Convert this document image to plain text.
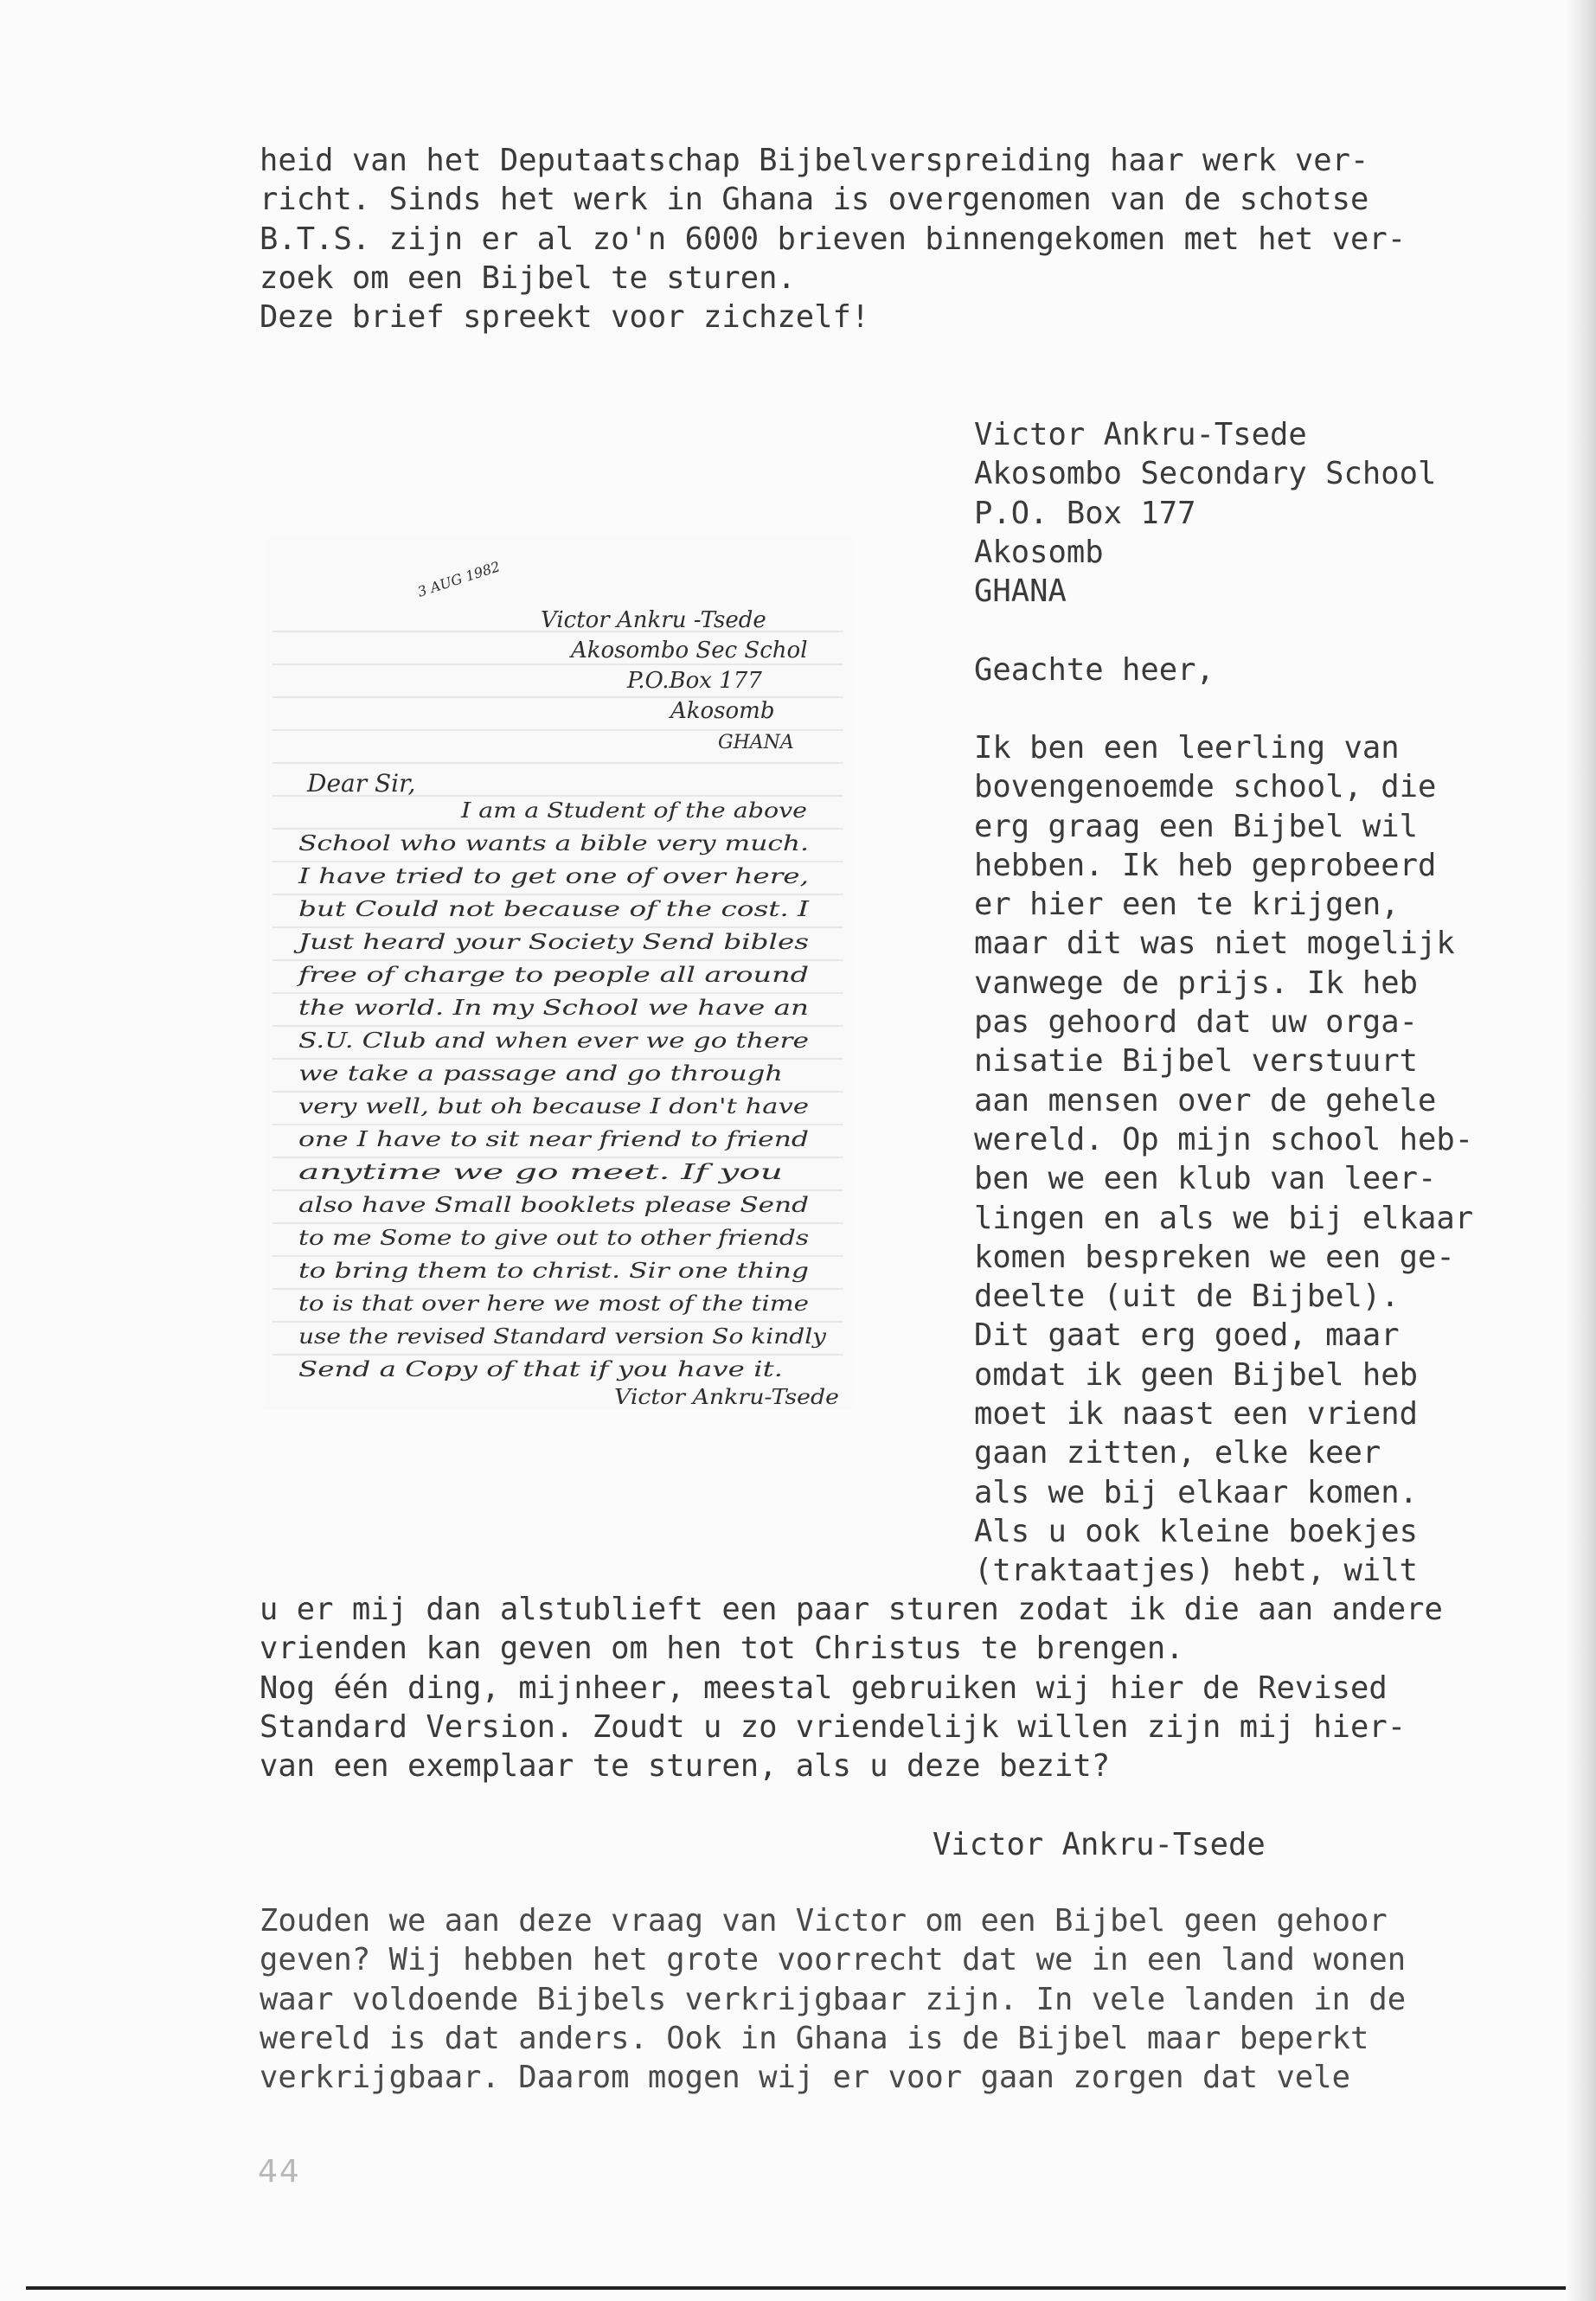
heid van het Deputaatschap Bijbelverspreiding haar werk ver-
richt. Sinds het werk in Ghana is overgenomen van de schotse
B.T.S. zijn er al zo'n 6000 brieven binnengekomen met het ver-
zoek om een Bijbel te sturen.
Deze brief spreekt voor zichzelf!
3 AUG 1982
Victor Ankru -Tsede
Akosombo Sec Schol
P.O.Box 177
Akosomb
GHANA
Dear Sir,
I am a Student of the above
School who wants a bible very much.
I have tried to get one of over here,
but Could not because of the cost. I
Just heard your Society Send bibles
free of charge to people all around
the world. In my School we have an
S.U. Club and when ever we go there
we take a passage and go through
very well, but oh because I don't have
one I have to sit near friend to friend
anytime we go meet. If you
also have Small booklets please Send
to me Some to give out to other friends
to bring them to christ. Sir one thing
to is that over here we most of the time
use the revised Standard version So kindly
Send a Copy of that if you have it.
Victor Ankru-Tsede
Victor Ankru-Tsede
Akosombo Secondary School
P.O. Box 177
Akosomb
GHANA
Geachte heer,
Ik ben een leerling van
bovengenoemde school, die
erg graag een Bijbel wil
hebben. Ik heb geprobeerd
er hier een te krijgen,
maar dit was niet mogelijk
vanwege de prijs. Ik heb
pas gehoord dat uw orga-
nisatie Bijbel verstuurt
aan mensen over de gehele
wereld. Op mijn school heb-
ben we een klub van leer-
lingen en als we bij elkaar
komen bespreken we een ge-
deelte (uit de Bijbel).
Dit gaat erg goed, maar
omdat ik geen Bijbel heb
moet ik naast een vriend
gaan zitten, elke keer
als we bij elkaar komen.
Als u ook kleine boekjes
(traktaatjes) hebt, wilt
u er mij dan alstublieft een paar sturen zodat ik die aan andere
vrienden kan geven om hen tot Christus te brengen.
Nog één ding, mijnheer, meestal gebruiken wij hier de Revised
Standard Version. Zoudt u zo vriendelijk willen zijn mij hier-
van een exemplaar te sturen, als u deze bezit?
Victor Ankru-Tsede
Zouden we aan deze vraag van Victor om een Bijbel geen gehoor
geven? Wij hebben het grote voorrecht dat we in een land wonen
waar voldoende Bijbels verkrijgbaar zijn. In vele landen in de
wereld is dat anders. Ook in Ghana is de Bijbel maar beperkt
verkrijgbaar. Daarom mogen wij er voor gaan zorgen dat vele
44
